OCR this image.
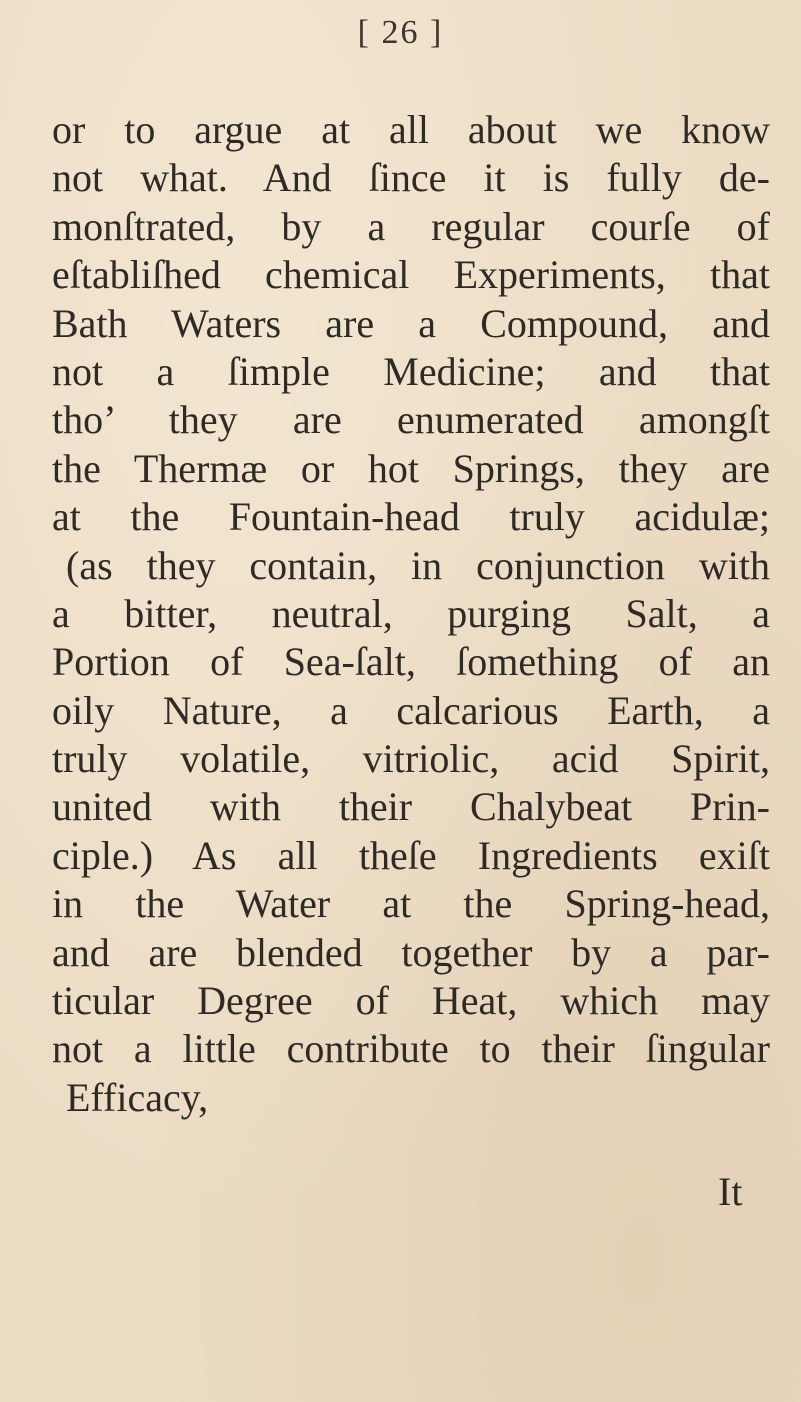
[ 26 ]
or to argue at all about we know
not what. And ſince it is fully de-
monſtrated, by a regular courſe of
eſtabliſhed chemical Experiments, that
Bath Waters are a Compound, and
not a ſimple Medicine; and that
tho’ they are enumerated amongſt
the Thermæ or hot Springs, they are
at the Fountain-head truly acidulæ;
(as they contain, in conjunction with
a bitter, neutral, purging Salt, a
Portion of Sea-ſalt, ſomething of an
oily Nature, a calcarious Earth, a
truly volatile, vitriolic, acid Spirit,
united with their Chalybeat Prin-
ciple.) As all theſe Ingredients exiſt
in the Water at the Spring-head,
and are blended together by a par-
ticular Degree of Heat, which may
not a little contribute to their ſingular
Efficacy,
It
